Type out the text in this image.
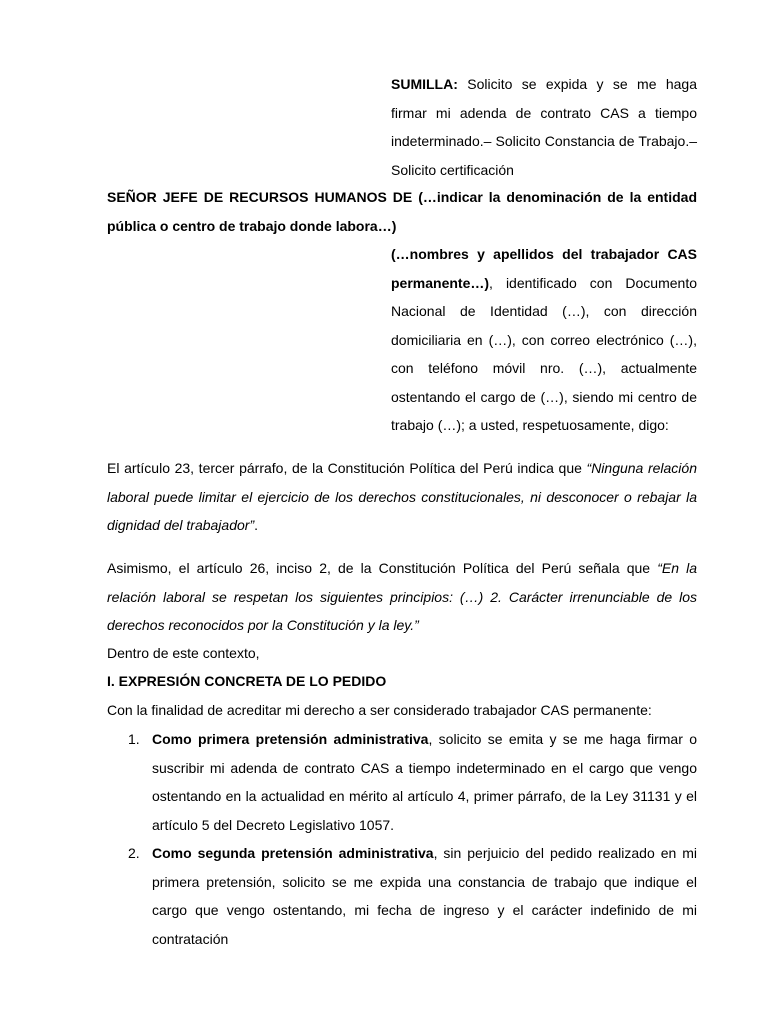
SUMILLA: Solicito se expida y se me haga firmar mi adenda de contrato CAS a tiempo indeterminado.– Solicito Constancia de Trabajo.– Solicito certificación

SEÑOR JEFE DE RECURSOS HUMANOS DE (…indicar la denominación de la entidad pública o centro de trabajo donde labora…)

(…nombres y apellidos del trabajador CAS permanente…), identificado con Documento Nacional de Identidad (…), con dirección domiciliaria en (…), con correo electrónico (…), con teléfono móvil nro. (…), actualmente ostentando el cargo de (…), siendo mi centro de trabajo (…); a usted, respetuosamente, digo:

El artículo 23, tercer párrafo, de la Constitución Política del Perú indica que “Ninguna relación laboral puede limitar el ejercicio de los derechos constitucionales, ni desconocer o rebajar la dignidad del trabajador”.

Asimismo, el artículo 26, inciso 2, de la Constitución Política del Perú señala que “En la relación laboral se respetan los siguientes principios: (…) 2. Carácter irrenunciable de los derechos reconocidos por la Constitución y la ley.”

Dentro de este contexto,

I. EXPRESIÓN CONCRETA DE LO PEDIDO

Con la finalidad de acreditar mi derecho a ser considerado trabajador CAS permanente:

1. Como primera pretensión administrativa, solicito se emita y se me haga firmar o suscribir mi adenda de contrato CAS a tiempo indeterminado en el cargo que vengo ostentando en la actualidad en mérito al artículo 4, primer párrafo, de la Ley 31131 y el artículo 5 del Decreto Legislativo 1057.
2. Como segunda pretensión administrativa, sin perjuicio del pedido realizado en mi primera pretensión, solicito se me expida una constancia de trabajo que indique el cargo que vengo ostentando, mi fecha de ingreso y el carácter indefinido de mi contratación
